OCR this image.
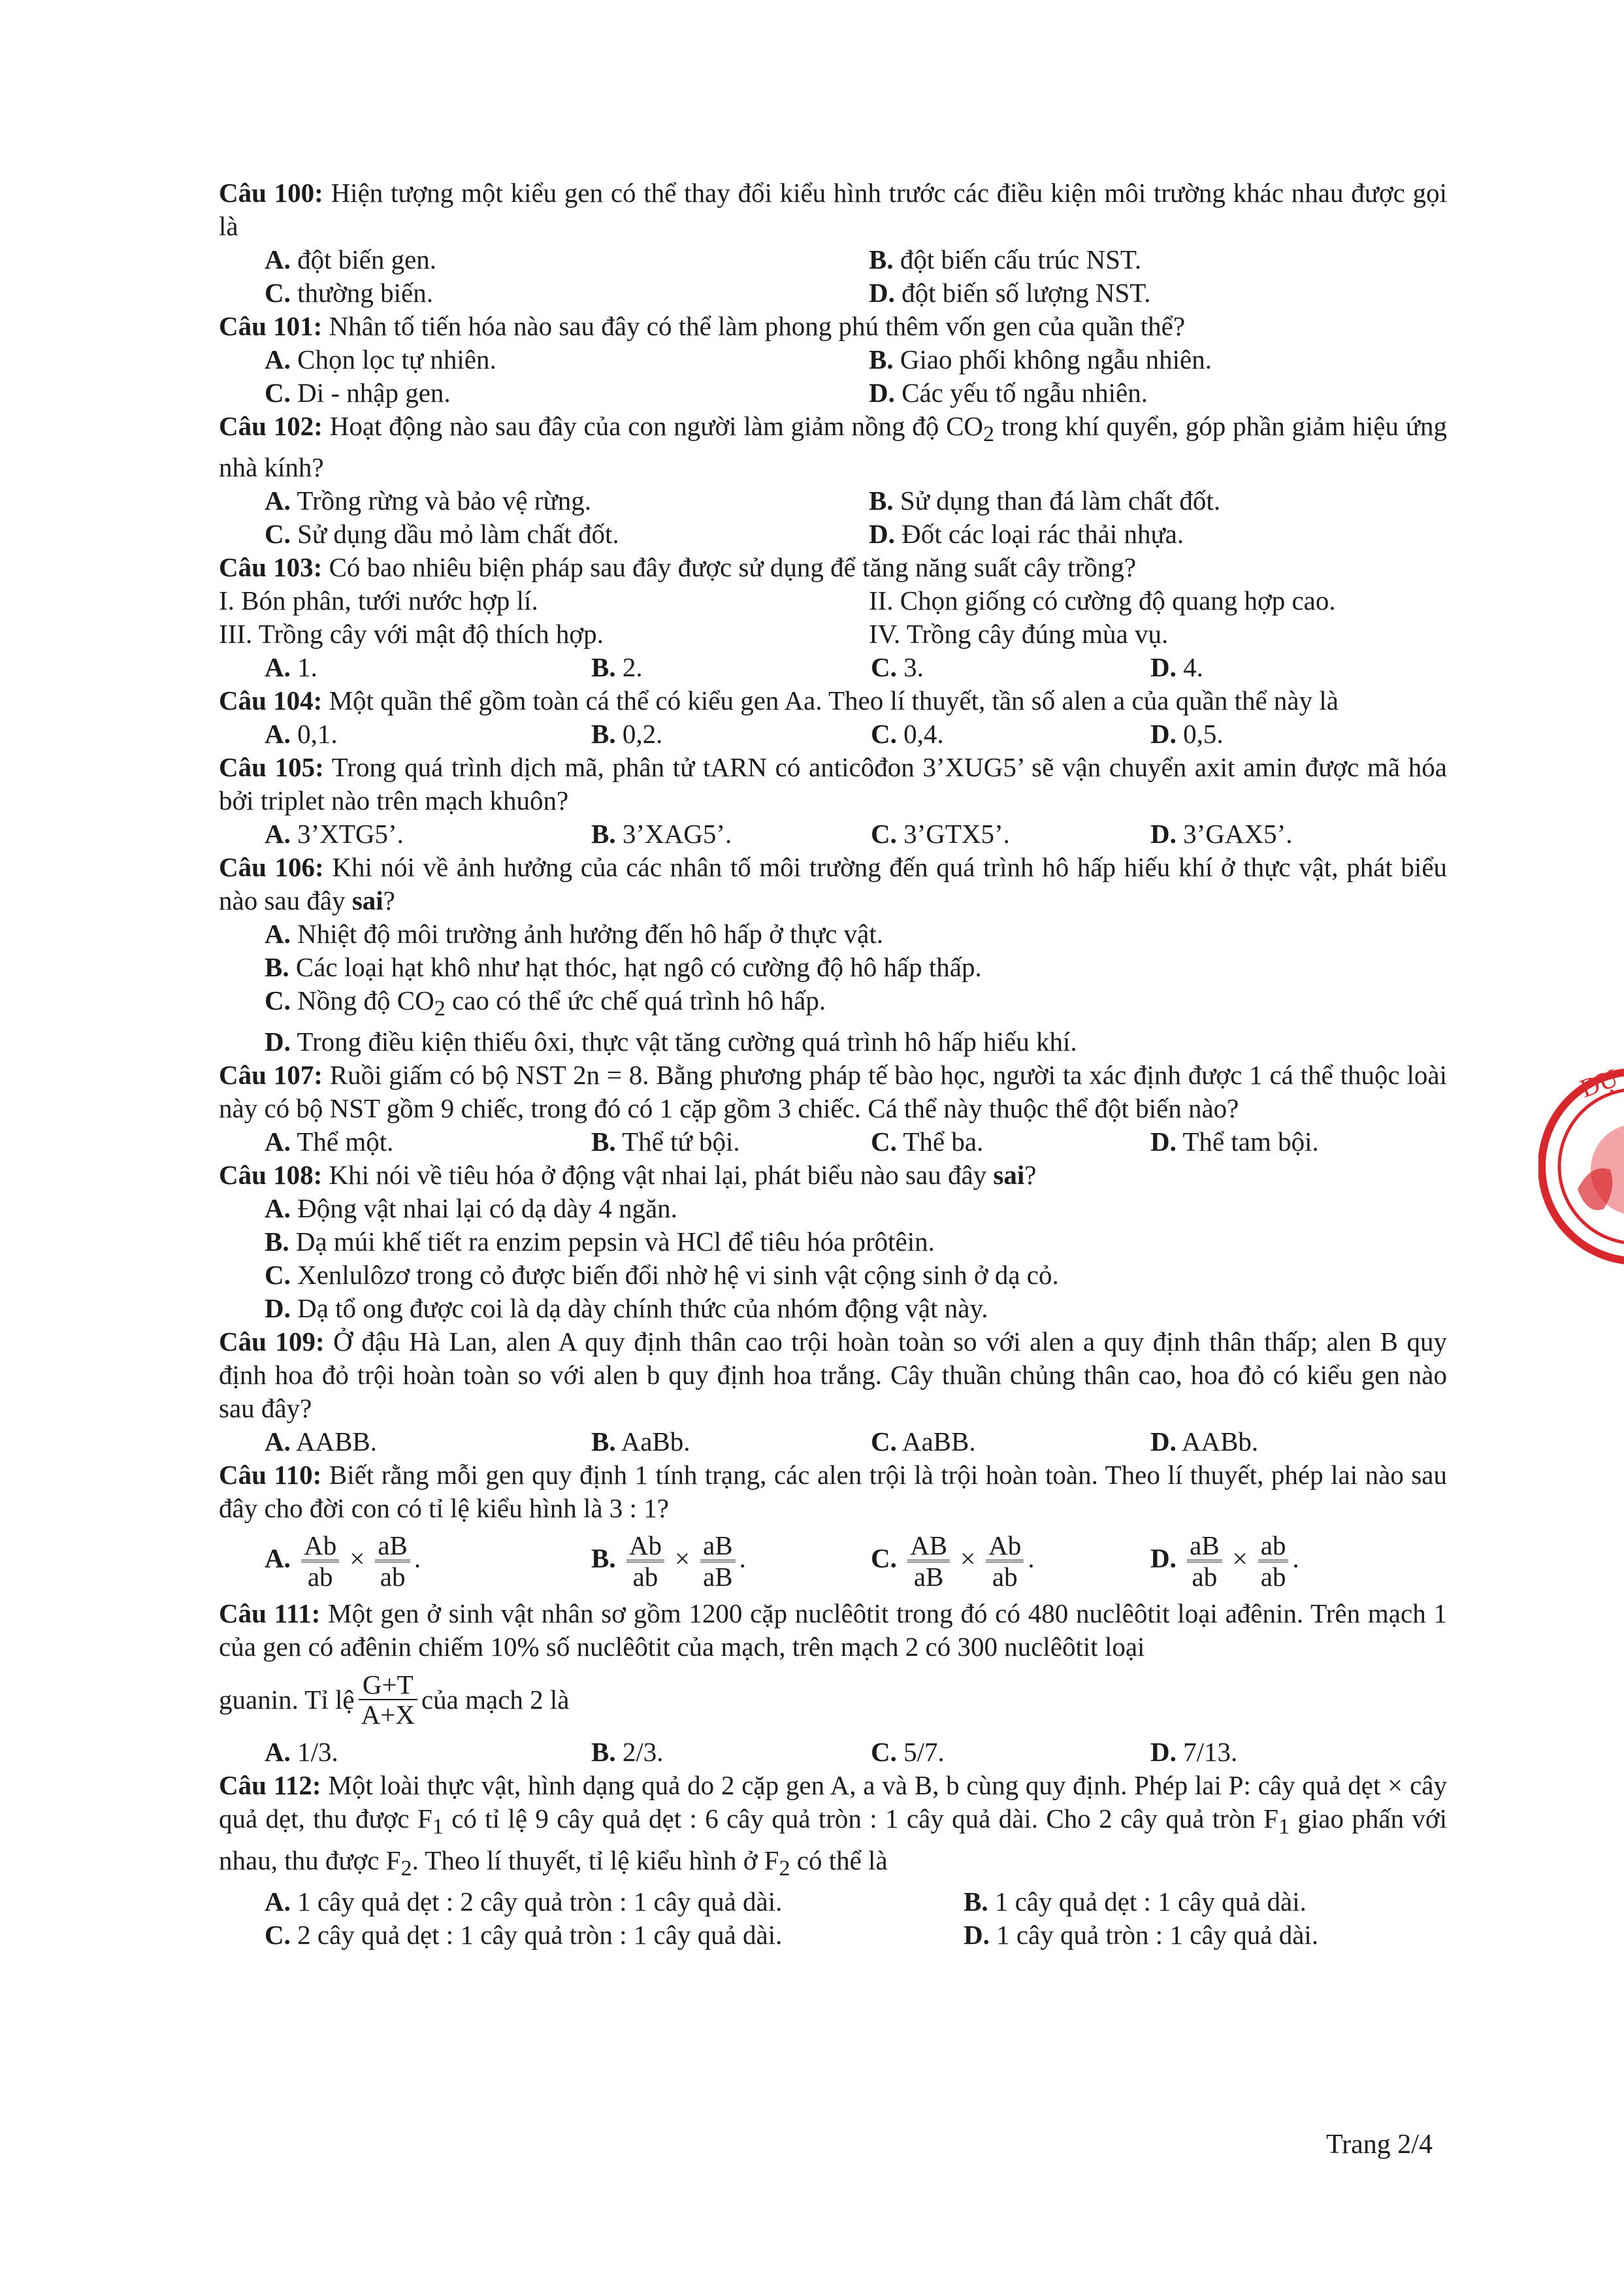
Câu 100: Hiện tượng một kiểu gen có thể thay đổi kiểu hình trước các điều kiện môi trường khác nhau được gọi là

A. đột biến gen.	B. đột biến cấu trúc NST.
C. thường biến.	D. đột biến số lượng NST.

Câu 101: Nhân tố tiến hóa nào sau đây có thể làm phong phú thêm vốn gen của quần thể?

A. Chọn lọc tự nhiên.	B. Giao phối không ngẫu nhiên.
C. Di - nhập gen.	D. Các yếu tố ngẫu nhiên.

Câu 102: Hoạt động nào sau đây của con người làm giảm nồng độ $CO_2$ trong khí quyển, góp phần giảm hiệu ứng nhà kính?

A. Trồng rừng và bảo vệ rừng.	B. Sử dụng than đá làm chất đốt.
C. Sử dụng dầu mỏ làm chất đốt.	D. Đốt các loại rác thải nhựa.

Câu 103: Có bao nhiêu biện pháp sau đây được sử dụng để tăng năng suất cây trồng?

I. Bón phân, tưới nước hợp lí.	II. Chọn giống có cường độ quang hợp cao.
III. Trồng cây với mật độ thích hợp.	IV. Trồng cây đúng mùa vụ.
A. 1.	B. 2.	C. 3.	D. 4.

Câu 104: Một quần thể gồm toàn cá thể có kiểu gen Aa. Theo lí thuyết, tần số alen a của quần thể này là

A. 0,1.	B. 0,2.	C. 0,4.	D. 0,5.

Câu 105: Trong quá trình dịch mã, phân tử tARN có anticôđon 3’XUG5’ sẽ vận chuyển axit amin được mã hóa bởi triplet nào trên mạch khuôn?

A. 3’XTG5’.	B. 3’XAG5’.	C. 3’GTX5’.	D. 3’GAX5’.

Câu 106: Khi nói về ảnh hưởng của các nhân tố môi trường đến quá trình hô hấp hiếu khí ở thực vật, phát biểu nào sau đây sai?

A. Nhiệt độ môi trường ảnh hưởng đến hô hấp ở thực vật.
B. Các loại hạt khô như hạt thóc, hạt ngô có cường độ hô hấp thấp.
C. Nồng độ $CO_2$ cao có thể ức chế quá trình hô hấp.
D. Trong điều kiện thiếu ôxi, thực vật tăng cường quá trình hô hấp hiếu khí.

Câu 107: Ruồi giấm có bộ NST 2n = 8. Bằng phương pháp tế bào học, người ta xác định được 1 cá thể thuộc loài này có bộ NST gồm 9 chiếc, trong đó có 1 cặp gồm 3 chiếc. Cá thể này thuộc thể đột biến nào?

A. Thể một.	B. Thể tứ bội.	C. Thể ba.	D. Thể tam bội.

Câu 108: Khi nói về tiêu hóa ở động vật nhai lại, phát biểu nào sau đây sai?

A. Động vật nhai lại có dạ dày 4 ngăn.
B. Dạ múi khế tiết ra enzim pepsin và HCl để tiêu hóa prôtêin.
C. Xenlulôzơ trong cỏ được biến đổi nhờ hệ vi sinh vật cộng sinh ở dạ cỏ.
D. Dạ tổ ong được coi là dạ dày chính thức của nhóm động vật này.

Câu 109: Ở đậu Hà Lan, alen A quy định thân cao trội hoàn toàn so với alen a quy định thân thấp; alen B quy định hoa đỏ trội hoàn toàn so với alen b quy định hoa trắng. Cây thuần chủng thân cao, hoa đỏ có kiểu gen nào sau đây?

A. AABB.	B. AaBb.	C. AaBB.	D. AABb.

Câu 110: Biết rằng mỗi gen quy định 1 tính trạng, các alen trội là trội hoàn toàn. Theo lí thuyết, phép lai nào sau đây cho đời con có tỉ lệ kiểu hình là 3 : 1?

A. $\frac{Ab}{ab} \times \frac{aB}{ab}$ .	B. $\frac{Ab}{ab} \times \frac{aB}{aB}$ .	C. $\frac{AB}{aB} \times \frac{Ab}{ab}$ .	D. $\frac{aB}{ab} \times \frac{ab}{ab}$ .

Câu 111: Một gen ở sinh vật nhân sơ gồm 1200 cặp nuclêôtit trong đó có 480 nuclêôtit loại ađênin. Trên mạch 1 của gen có ađênin chiếm 10% số nuclêôtit của mạch, trên mạch 2 có 300 nuclêôtit loại

guanin. Tỉ lệ $\frac{G+T}{A+X}$ của mạch 2 là
A. 1/3.	B. 2/3.	C. 5/7.	D. 7/13.

Câu 112: Một loài thực vật, hình dạng quả do 2 cặp gen A, a và B, b cùng quy định. Phép lai P: cây quả dẹt × cây quả dẹt, thu được $F_1$ có tỉ lệ 9 cây quả dẹt : 6 cây quả tròn : 1 cây quả dài. Cho 2 cây quả tròn $F_1$ giao phấn với nhau, thu được $F_2$. Theo lí thuyết, tỉ lệ kiểu hình ở $F_2$ có thể là

A. 1 cây quả dẹt : 2 cây quả tròn : 1 cây quả dài.	B. 1 cây quả dẹt : 1 cây quả dài.
C. 2 cây quả dẹt : 1 cây quả tròn : 1 cây quả dài.	D. 1 cây quả tròn : 1 cây quả dài.
DỤ
Trang 2/4
